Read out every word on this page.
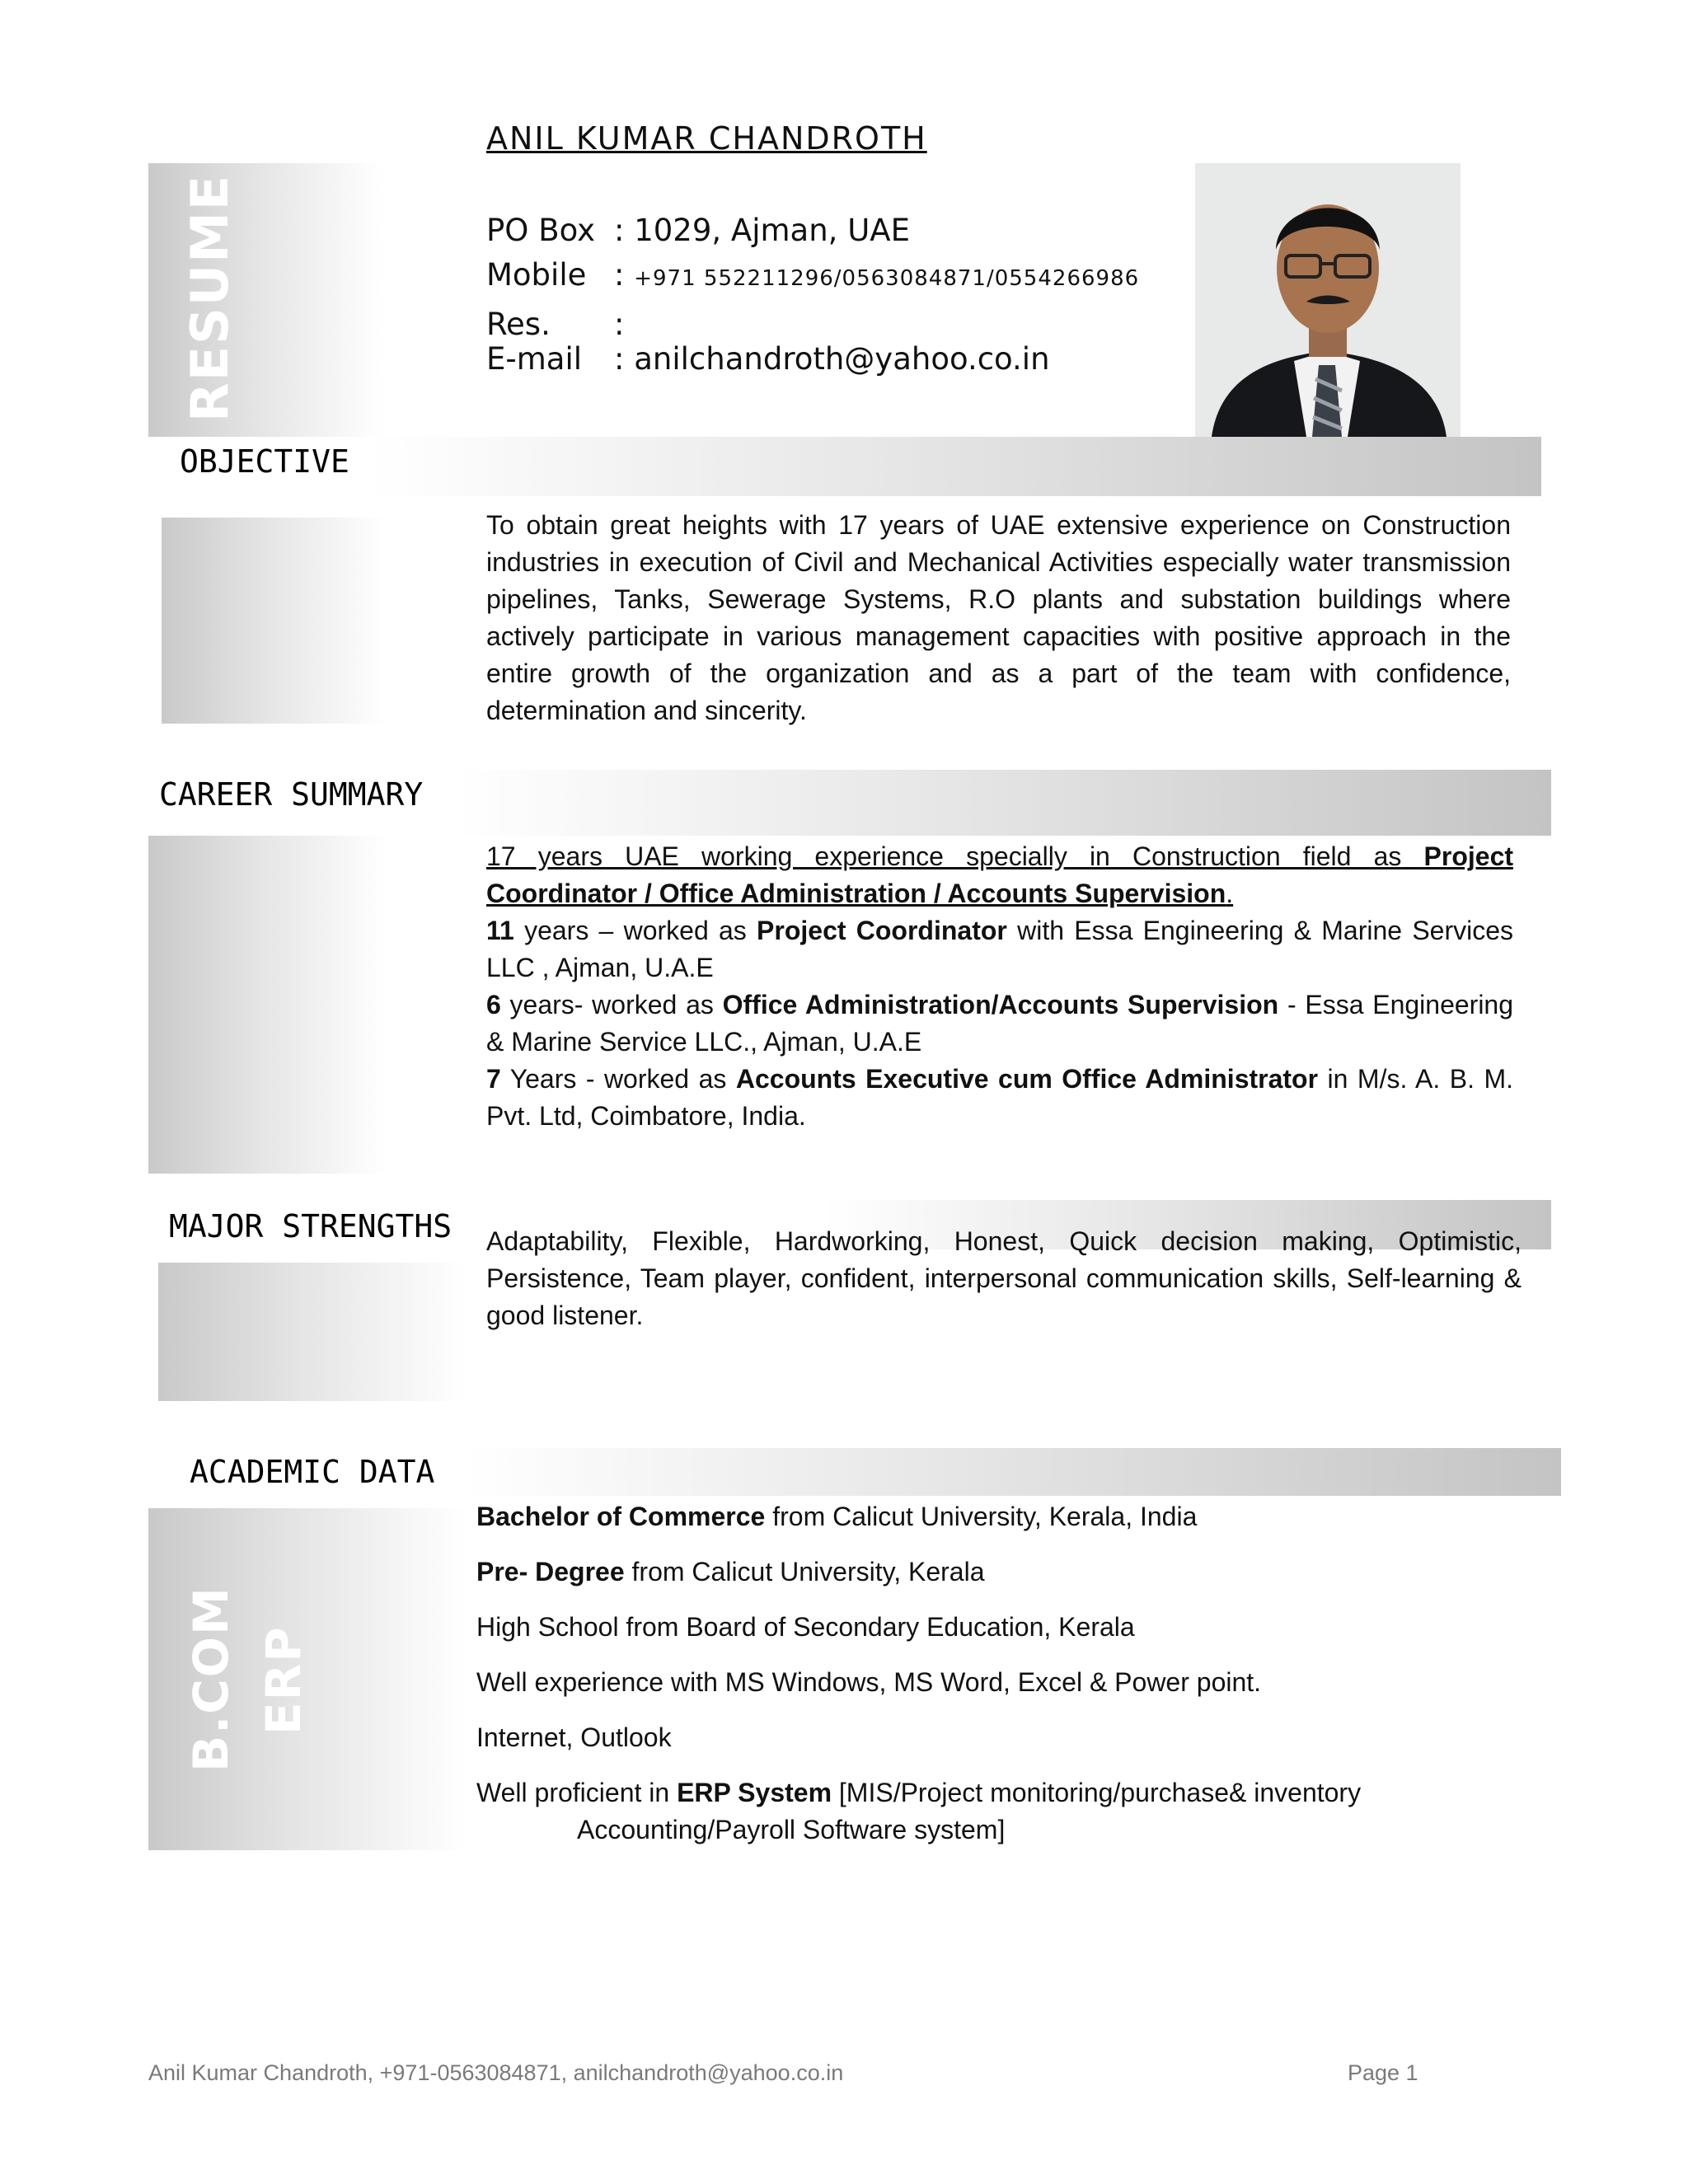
RESUME
ANIL KUMAR CHANDROTH
PO Box : 1029, Ajman, UAE
Mobile : +971 552211296/0563084871/0554266986
Res. :
E-mail : anilchandroth@yahoo.co.in
OBJECTIVE

To obtain great heights with 17 years of UAE extensive experience on Construction industries in execution of Civil and Mechanical Activities especially water transmission pipelines, Tanks, Sewerage Systems, R.O plants and substation buildings where actively participate in various management capacities with positive approach in the entire growth of the organization and as a part of the team with confidence, determination and sincerity.

CAREER SUMMARY

17 years UAE working experience specially in Construction field as Project Coordinator / Office Administration / Accounts Supervision.

11 years – worked as Project Coordinator with Essa Engineering & Marine Services LLC , Ajman, U.A.E

6 years- worked as Office Administration/Accounts Supervision - Essa Engineering & Marine Service LLC., Ajman, U.A.E

7 Years - worked as Accounts Executive cum Office Administrator in M/s. A. B. M. Pvt. Ltd, Coimbatore, India.

MAJOR STRENGTHS Adaptability, Flexible, Hardworking, Honest, Quick decision making, Optimistic, Persistence, Team player, confident, interpersonal communication skills, Self-learning & good listener.

ACADEMIC DATA
B.COM ERP
Bachelor of Commerce from Calicut University, Kerala, India
Pre- Degree from Calicut University, Kerala
High School from Board of Secondary Education, Kerala
Well experience with MS Windows, MS Word, Excel & Power point.
Internet, Outlook
Well proficient in ERP System [MIS/Project monitoring/purchase& inventory
Accounting/Payroll Software system]
Anil Kumar Chandroth, +971-0563084871, anilchandroth@yahoo.co.in	Page 1
